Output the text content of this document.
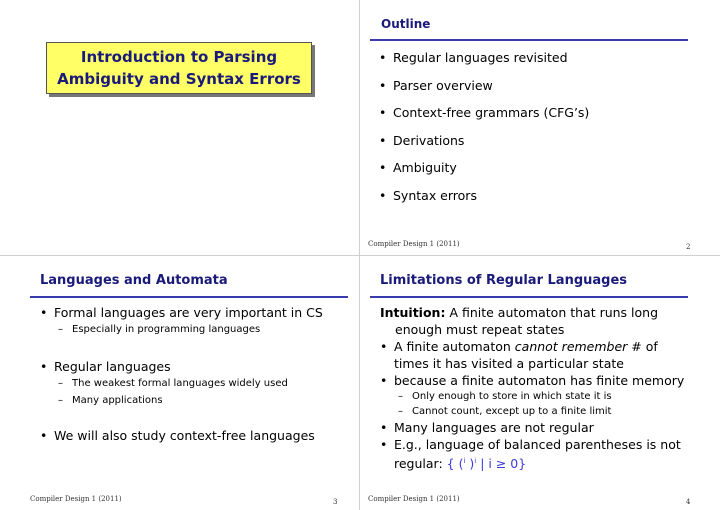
Introduction to Parsing
Ambiguity and Syntax Errors
Outline
• Regular languages revisited
• Parser overview
• Context-free grammars (CFG’s)
• Derivations
• Ambiguity
• Syntax errors
Compiler Design 1 (2011)	2
Languages and Automata
• Formal languages are very important in CS
– Especially in programming languages
• Regular languages
– The weakest formal languages widely used
– Many applications
• We will also study context-free languages
Compiler Design 1 (2011)	3
Limitations of Regular Languages
Intuition: A finite automaton that runs long
enough must repeat states
• A finite automaton cannot remember # of
times it has visited a particular state
• because a finite automaton has finite memory
– Only enough to store in which state it is
– Cannot count, except up to a finite limit
• Many languages are not regular
• E.g., language of balanced parentheses is not
regular: { ($^i$ )$^i$ | i ≥ 0}
Compiler Design 1 (2011)	4
